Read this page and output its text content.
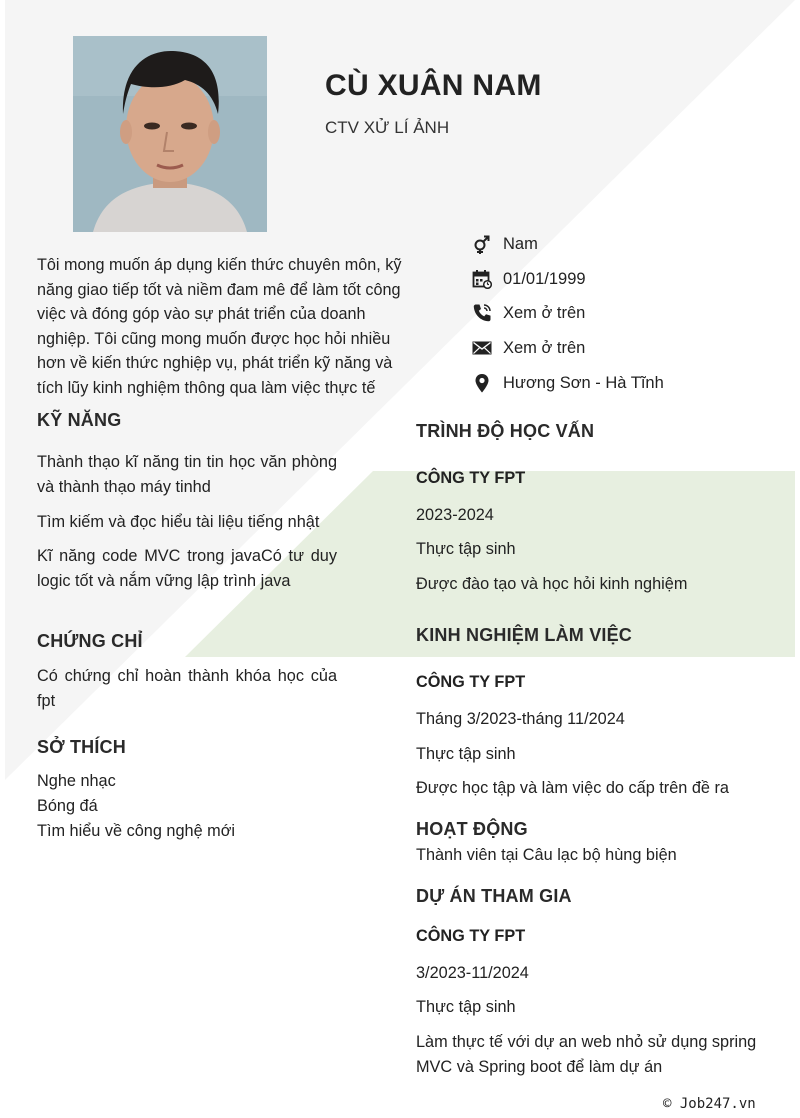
CÙ XUÂN NAM
CTV XỬ LÍ ẢNH

Tôi mong muốn áp dụng kiến thức chuyên môn, kỹ năng giao tiếp tốt và niềm đam mê để làm tốt công việc và đóng góp vào sự phát triển của doanh nghiệp. Tôi cũng mong muốn được học hỏi nhiều hơn về kiến thức nghiệp vụ, phát triển kỹ năng và tích lũy kinh nghiệm thông qua làm việc thực tế

Nam
01/01/1999
Xem ở trên
Xem ở trên
Hương Sơn - Hà Tĩnh
KỸ NĂNG

Thành thạo kĩ năng tin tin học văn phòng và thành thạo máy tinhd

Tìm kiếm và đọc hiểu tài liệu tiếng nhật

Kĩ năng code MVC trong javaCó tư duy logic tốt và nắm vững lập trình java

CHỨNG CHỈ

Có chứng chỉ hoàn thành khóa học của fpt

SỞ THÍCH

Nghe nhạc

Bóng đá

Tìm hiểu về công nghệ mới

TRÌNH ĐỘ HỌC VẤN

CÔNG TY FPT

2023-2024

Thực tập sinh

Được đào tạo và học hỏi kinh nghiệm

KINH NGHIỆM LÀM VIỆC

CÔNG TY FPT

Tháng 3/2023-tháng 11/2024

Thực tập sinh

Được học tập và làm việc do cấp trên đề ra

HOẠT ĐỘNG

Thành viên tại Câu lạc bộ hùng biện

DỰ ÁN THAM GIA

CÔNG TY FPT

3/2023-11/2024

Thực tập sinh

Làm thực tế với dự an web nhỏ sử dụng spring MVC và Spring boot để làm dự án

© Job247.vn
